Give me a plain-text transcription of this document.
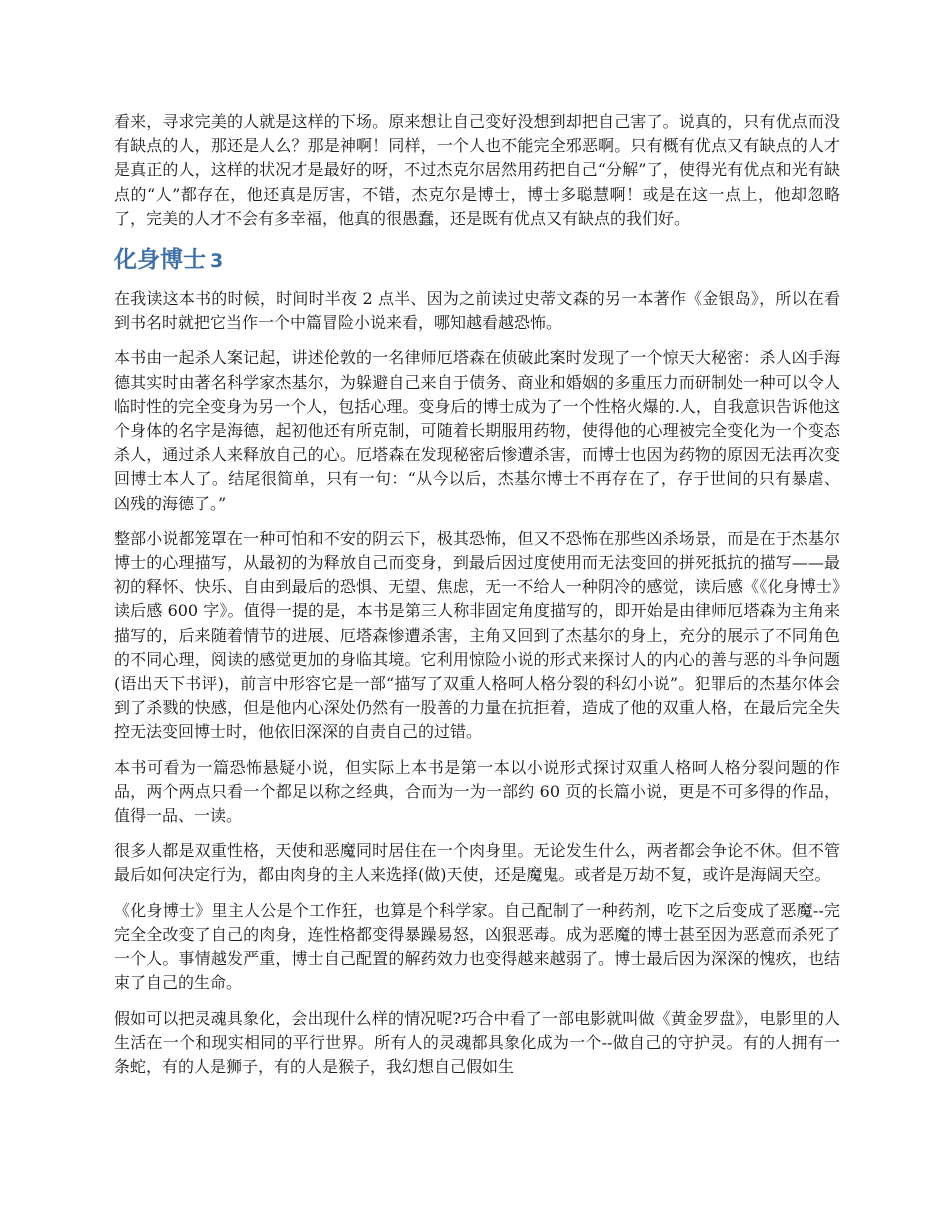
看来，寻求完美的人就是这样的下场。原来想让自己变好没想到却把自己害了。说真的，只有优点而没有缺点的人，那还是人么？那是神啊！同样，一个人也不能完全邪恶啊。只有概有优点又有缺点的人才是真正的人，这样的状况才是最好的呀，不过杰克尔居然用药把自己“分解”了，使得光有优点和光有缺点的“人”都存在，他还真是厉害，不错，杰克尔是博士，博士多聪慧啊！或是在这一点上，他却忽略了，完美的人才不会有多幸福，他真的很愚蠢，还是既有优点又有缺点的我们好。

化身博士 3

在我读这本书的时候，时间时半夜 2 点半、因为之前读过史蒂文森的另一本著作《金银岛》，所以在看到书名时就把它当作一个中篇冒险小说来看，哪知越看越恐怖。

本书由一起杀人案记起，讲述伦敦的一名律师厄塔森在侦破此案时发现了一个惊天大秘密：杀人凶手海德其实时由著名科学家杰基尔，为躲避自己来自于债务、商业和婚姻的多重压力而研制处一种可以令人临时性的完全变身为另一个人，包括心理。变身后的博士成为了一个性格火爆的.人，自我意识告诉他这个身体的名字是海德，起初他还有所克制，可随着长期服用药物，使得他的心理被完全变化为一个变态杀人，通过杀人来释放自己的心。厄塔森在发现秘密后惨遭杀害，而博士也因为药物的原因无法再次变回博士本人了。结尾很简单，只有一句：“从今以后，杰基尔博士不再存在了，存于世间的只有暴虐、凶残的海德了。”

整部小说都笼罩在一种可怕和不安的阴云下，极其恐怖，但又不恐怖在那些凶杀场景，而是在于杰基尔博士的心理描写，从最初的为释放自己而变身，到最后因过度使用而无法变回的拼死抵抗的描写——最初的释怀、快乐、自由到最后的恐惧、无望、焦虑，无一不给人一种阴冷的感觉，读后感《《化身博士》读后感 600 字》。值得一提的是，本书是第三人称非固定角度描写的，即开始是由律师厄塔森为主角来描写的，后来随着情节的进展、厄塔森惨遭杀害，主角又回到了杰基尔的身上，充分的展示了不同角色的不同心理，阅读的感觉更加的身临其境。它利用惊险小说的形式来探讨人的内心的善与恶的斗争问题(语出天下书评)，前言中形容它是一部“描写了双重人格呵人格分裂的科幻小说”。犯罪后的杰基尔体会到了杀戮的快感，但是他内心深处仍然有一股善的力量在抗拒着，造成了他的双重人格，在最后完全失控无法变回博士时，他依旧深深的自责自己的过错。

本书可看为一篇恐怖悬疑小说，但实际上本书是第一本以小说形式探讨双重人格呵人格分裂问题的作品，两个两点只看一个都足以称之经典，合而为一为一部约 60 页的长篇小说，更是不可多得的作品，值得一品、一读。

很多人都是双重性格，天使和恶魔同时居住在一个肉身里。无论发生什么，两者都会争论不休。但不管最后如何决定行为，都由肉身的主人来选择(做)天使，还是魔鬼。或者是万劫不复，或许是海阔天空。

《化身博士》里主人公是个工作狂，也算是个科学家。自己配制了一种药剂，吃下之后变成了恶魔--完完全全改变了自己的肉身，连性格都变得暴躁易怒，凶狠恶毒。成为恶魔的博士甚至因为恶意而杀死了一个人。事情越发严重，博士自己配置的解药效力也变得越来越弱了。博士最后因为深深的愧疚，也结束了自己的生命。

假如可以把灵魂具象化，会出现什么样的情况呢?巧合中看了一部电影就叫做《黄金罗盘》，电影里的人生活在一个和现实相同的平行世界。所有人的灵魂都具象化成为一个--做自己的守护灵。有的人拥有一条蛇，有的人是狮子，有的人是猴子，我幻想自己假如生
